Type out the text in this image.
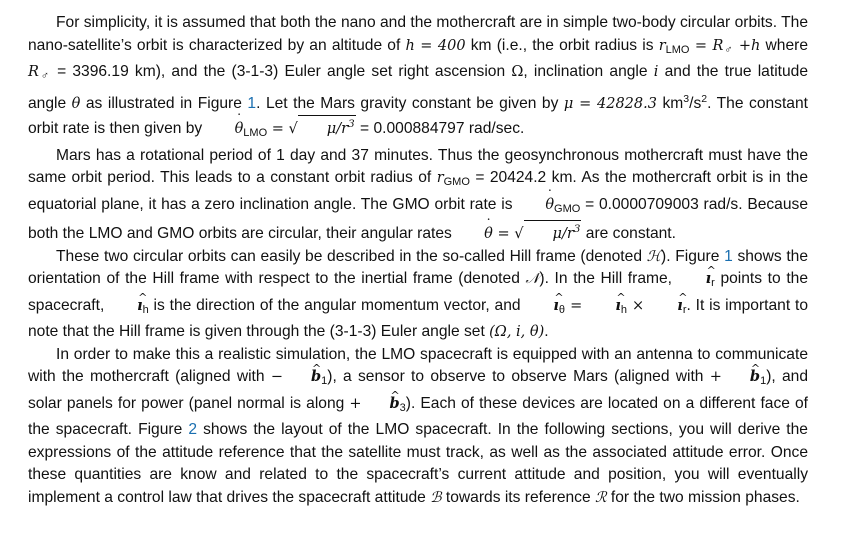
For simplicity, it is assumed that both the nano and the mothercraft are in simple two-body circular orbits. The nano-satellite’s orbit is characterized by an altitude of h = 400 km (i.e., the orbit radius is $r_{LMO} = R_♂ +h$ where $R_♂ = 3396.19$ km), and the (3-1-3) Euler angle set right ascension Ω, inclination angle i and the true latitude angle θ as illustrated in Figure 1. Let the Mars gravity constant be given by μ = 42828.3 $km^3/s^2$. The constant orbit rate is then given by θ $˙_{LMO}$ = √ $\mu/r^3 = 0.000884797$ rad/sec.

Mars has a rotational period of 1 day and 37 minutes. Thus the geosynchronous mothercraft must have the same orbit period. This leads to a constant orbit radius of $r_{GMO} = 20424.2$ km. As the mothercraft orbit is in the equatorial plane, it has a zero inclination angle. The GMO orbit rate is θ $˙_{GMO} = 0.0000709003$ rad/s. Because both the LMO and GMO orbits are circular, their angular rates θ ˙ = √ $\mu/r^3$ are constant.

These two circular orbits can easily be described in the so-called Hill frame (denoted ℋ). Figure 1 shows the orientation of the Hill frame with respect to the inertial frame (denoted 𝒩). In the Hill frame, ı $\^{}_r$ points to the spacecraft, ı $\^{}_h$ is the direction of the angular momentum vector, and ı $\^{}_\theta$ = ı $\^{}_h$ × ı $\^{}_r$. It is important to note that the Hill frame is given through the (3-1-3) Euler angle set (Ω, i, θ).

In order to make this a realistic simulation, the LMO spacecraft is equipped with an antenna to communicate with the mothercraft (aligned with − b $\^{}_1$), a sensor to observe to observe Mars (aligned with + b $\^{}_1$), and solar panels for power (panel normal is along + b $\^{}_3$). Each of these devices are located on a different face of the spacecraft. Figure 2 shows the layout of the LMO spacecraft. In the following sections, you will derive the expressions of the attitude reference that the satellite must track, as well as the associated attitude error. Once these quantities are know and related to the spacecraft’s current attitude and position, you will eventually implement a control law that drives the spacecraft attitude ℬ towards its reference ℛ for the two mission phases.
